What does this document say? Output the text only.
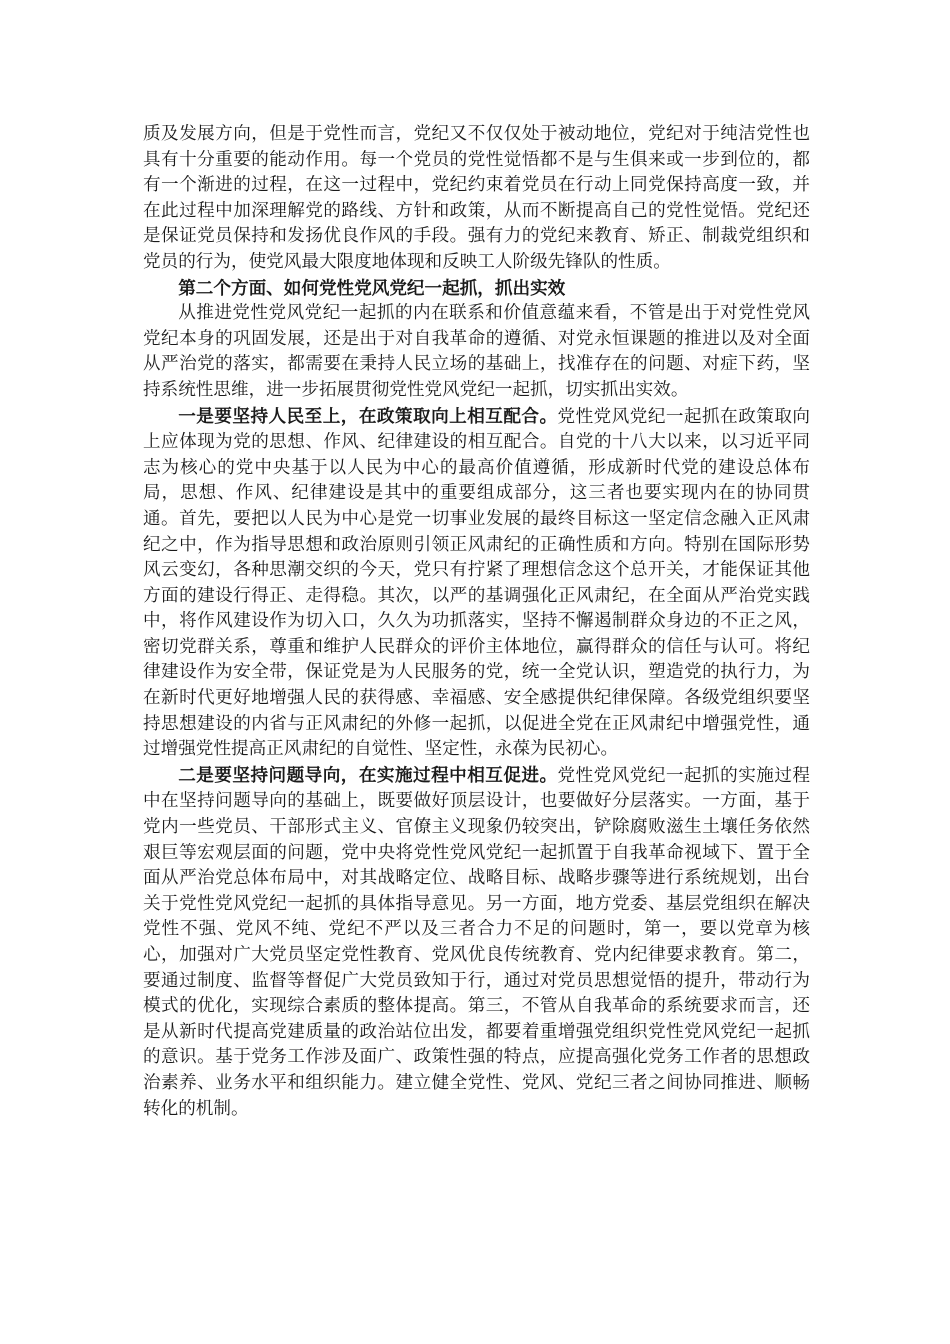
质及发展方向，但是于党性而言，党纪又不仅仅处于被动地位，党纪对于纯洁党性也具有十分重要的能动作用。每一个党员的党性觉悟都不是与生俱来或一步到位的，都有一个渐进的过程，在这一过程中，党纪约束着党员在行动上同党保持高度一致，并在此过程中加深理解党的路线、方针和政策，从而不断提高自己的党性觉悟。党纪还是保证党员保持和发扬优良作风的手段。强有力的党纪来教育、矫正、制裁党组织和党员的行为，使党风最大限度地体现和反映工人阶级先锋队的性质。

第二个方面、如何党性党风党纪一起抓，抓出实效

从推进党性党风党纪一起抓的内在联系和价值意蕴来看，不管是出于对党性党风党纪本身的巩固发展，还是出于对自我革命的遵循、对党永恒课题的推进以及对全面从严治党的落实，都需要在秉持人民立场的基础上，找准存在的问题、对症下药，坚持系统性思维，进一步拓展贯彻党性党风党纪一起抓，切实抓出实效。

一是要坚持人民至上，在政策取向上相互配合。党性党风党纪一起抓在政策取向上应体现为党的思想、作风、纪律建设的相互配合。自党的十八大以来，以习近平同志为核心的党中央基于以人民为中心的最高价值遵循，形成新时代党的建设总体布局，思想、作风、纪律建设是其中的重要组成部分，这三者也要实现内在的协同贯通。首先，要把以人民为中心是党一切事业发展的最终目标这一坚定信念融入正风肃纪之中，作为指导思想和政治原则引领正风肃纪的正确性质和方向。特别在国际形势风云变幻，各种思潮交织的今天，党只有拧紧了理想信念这个总开关，才能保证其他方面的建设行得正、走得稳。其次，以严的基调强化正风肃纪，在全面从严治党实践中，将作风建设作为切入口，久久为功抓落实，坚持不懈遏制群众身边的不正之风，密切党群关系，尊重和维护人民群众的评价主体地位，赢得群众的信任与认可。将纪律建设作为安全带，保证党是为人民服务的党，统一全党认识，塑造党的执行力，为在新时代更好地增强人民的获得感、幸福感、安全感提供纪律保障。各级党组织要坚持思想建设的内省与正风肃纪的外修一起抓，以促进全党在正风肃纪中增强党性，通过增强党性提高正风肃纪的自觉性、坚定性，永葆为民初心。

二是要坚持问题导向，在实施过程中相互促进。党性党风党纪一起抓的实施过程中在坚持问题导向的基础上，既要做好顶层设计，也要做好分层落实。一方面，基于党内一些党员、干部形式主义、官僚主义现象仍较突出，铲除腐败滋生土壤任务依然艰巨等宏观层面的问题，党中央将党性党风党纪一起抓置于自我革命视域下、置于全面从严治党总体布局中，对其战略定位、战略目标、战略步骤等进行系统规划，出台关于党性党风党纪一起抓的具体指导意见。另一方面，地方党委、基层党组织在解决党性不强、党风不纯、党纪不严以及三者合力不足的问题时，第一，要以党章为核心，加强对广大党员坚定党性教育、党风优良传统教育、党内纪律要求教育。第二，要通过制度、监督等督促广大党员致知于行，通过对党员思想觉悟的提升，带动行为模式的优化，实现综合素质的整体提高。第三，不管从自我革命的系统要求而言，还是从新时代提高党建质量的政治站位出发，都要着重增强党组织党性党风党纪一起抓的意识。基于党务工作涉及面广、政策性强的特点，应提高强化党务工作者的思想政治素养、业务水平和组织能力。建立健全党性、党风、党纪三者之间协同推进、顺畅转化的机制。
